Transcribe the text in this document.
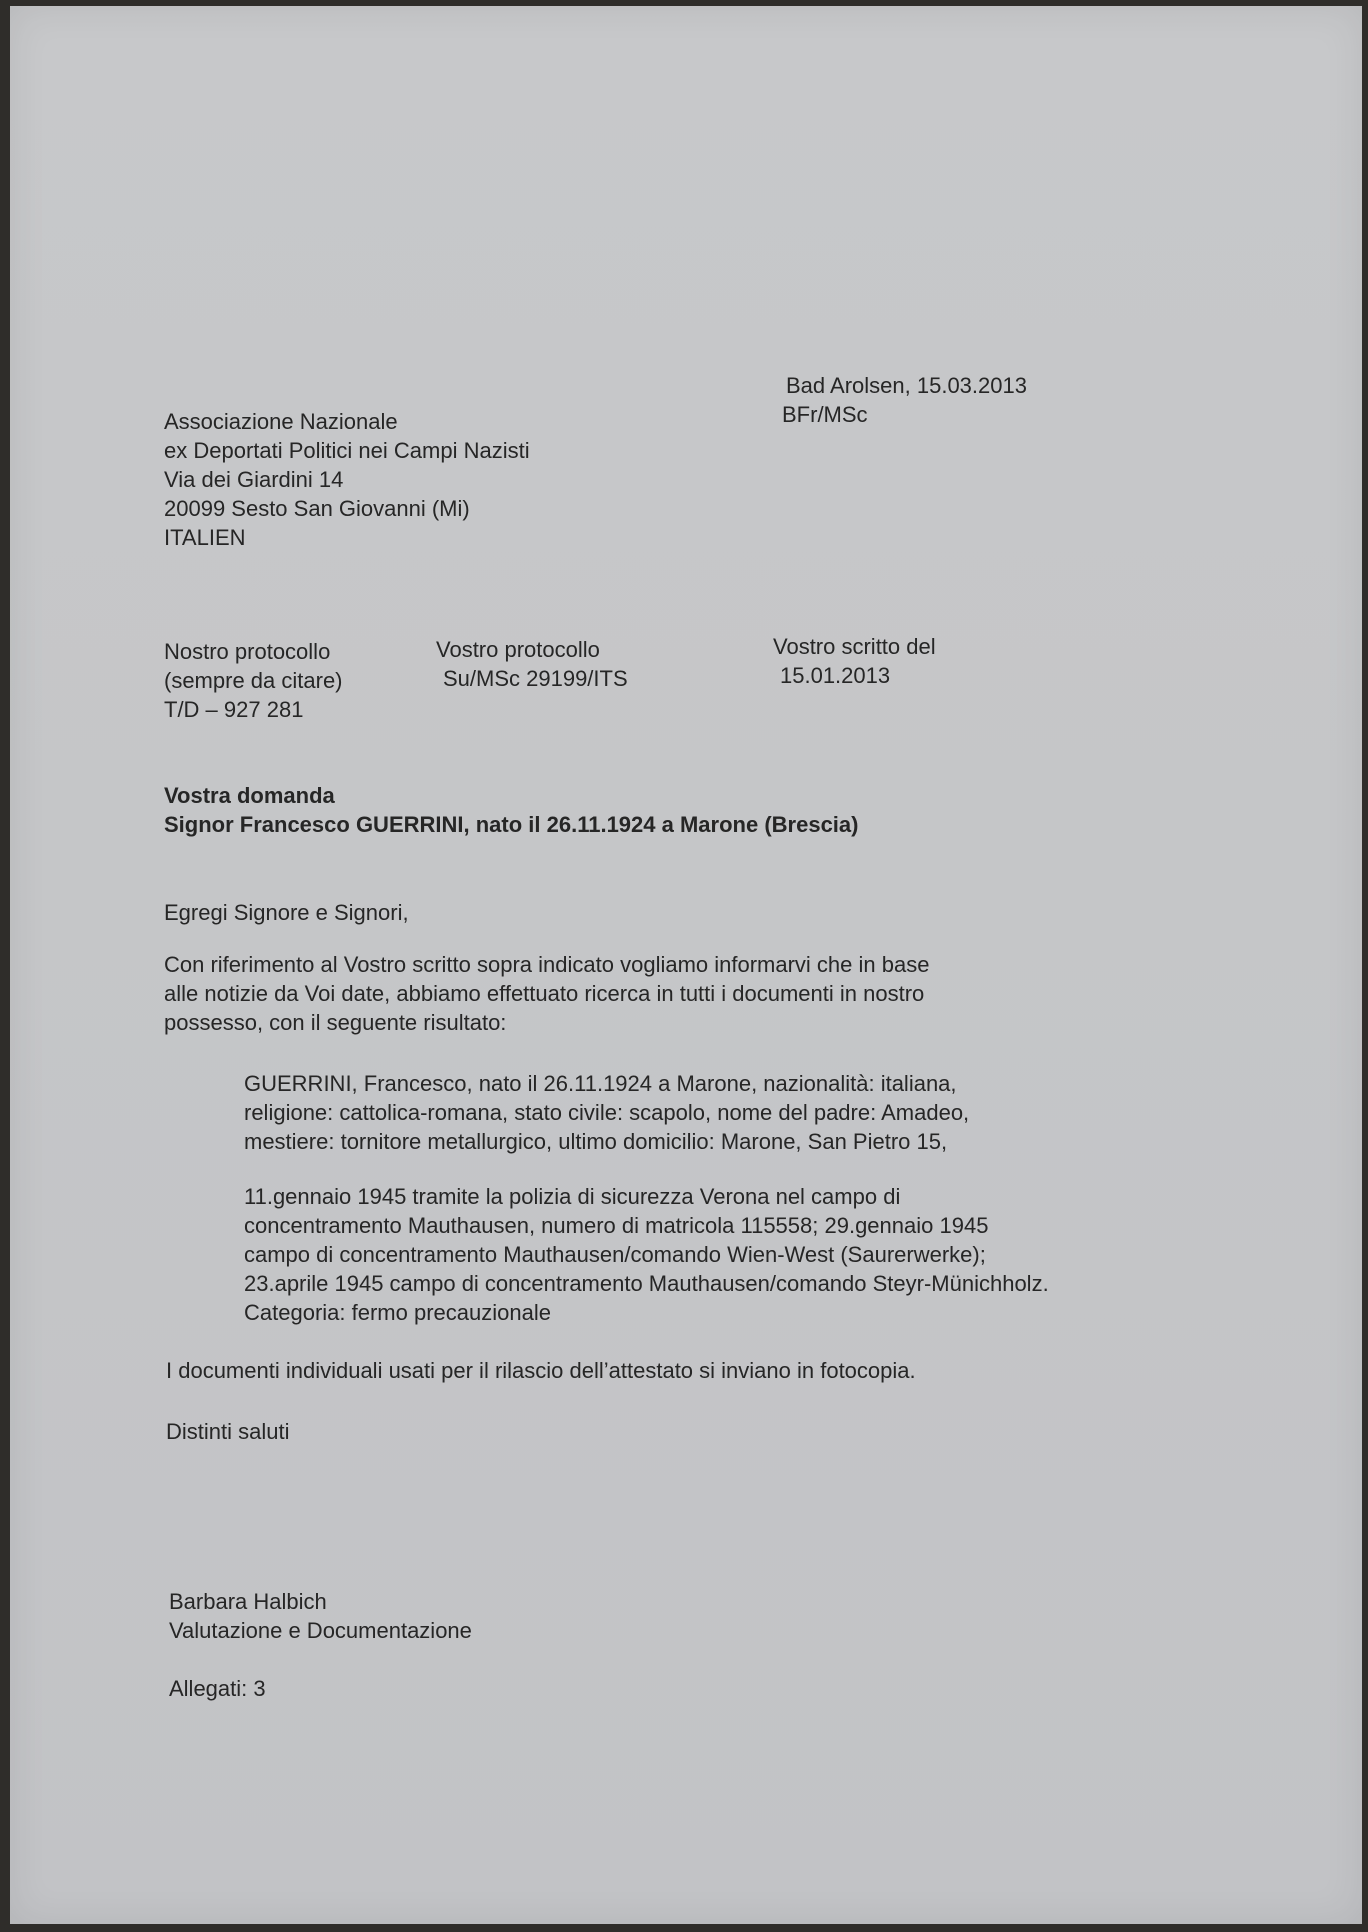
Bad Arolsen, 15.03.2013
BFr/MSc
Associazione Nazionale
ex Deportati Politici nei Campi Nazisti
Via dei Giardini 14
20099 Sesto San Giovanni (Mi)
ITALIEN
Nostro protocollo
(sempre da citare)
T/D – 927 281
Vostro protocollo
Su/MSc 29199/ITS
Vostro scritto del
15.01.2013
Vostra domanda
Signor Francesco GUERRINI, nato il 26.11.1924 a Marone (Brescia)
Egregi Signore e Signori,
Con riferimento al Vostro scritto sopra indicato vogliamo informarvi che in base
alle notizie da Voi date, abbiamo effettuato ricerca in tutti i documenti in nostro
possesso, con il seguente risultato:
GUERRINI, Francesco, nato il 26.11.1924 a Marone, nazionalità: italiana,
religione: cattolica-romana, stato civile: scapolo, nome del padre: Amadeo,
mestiere: tornitore metallurgico, ultimo domicilio: Marone, San Pietro 15,
11.gennaio 1945 tramite la polizia di sicurezza Verona nel campo di
concentramento Mauthausen, numero di matricola 115558; 29.gennaio 1945
campo di concentramento Mauthausen/comando Wien-West (Saurerwerke);
23.aprile 1945 campo di concentramento Mauthausen/comando Steyr-Münichholz.
Categoria: fermo precauzionale
I documenti individuali usati per il rilascio dell’attestato si inviano in fotocopia.
Distinti saluti
Barbara Halbich
Valutazione e Documentazione
Allegati: 3
